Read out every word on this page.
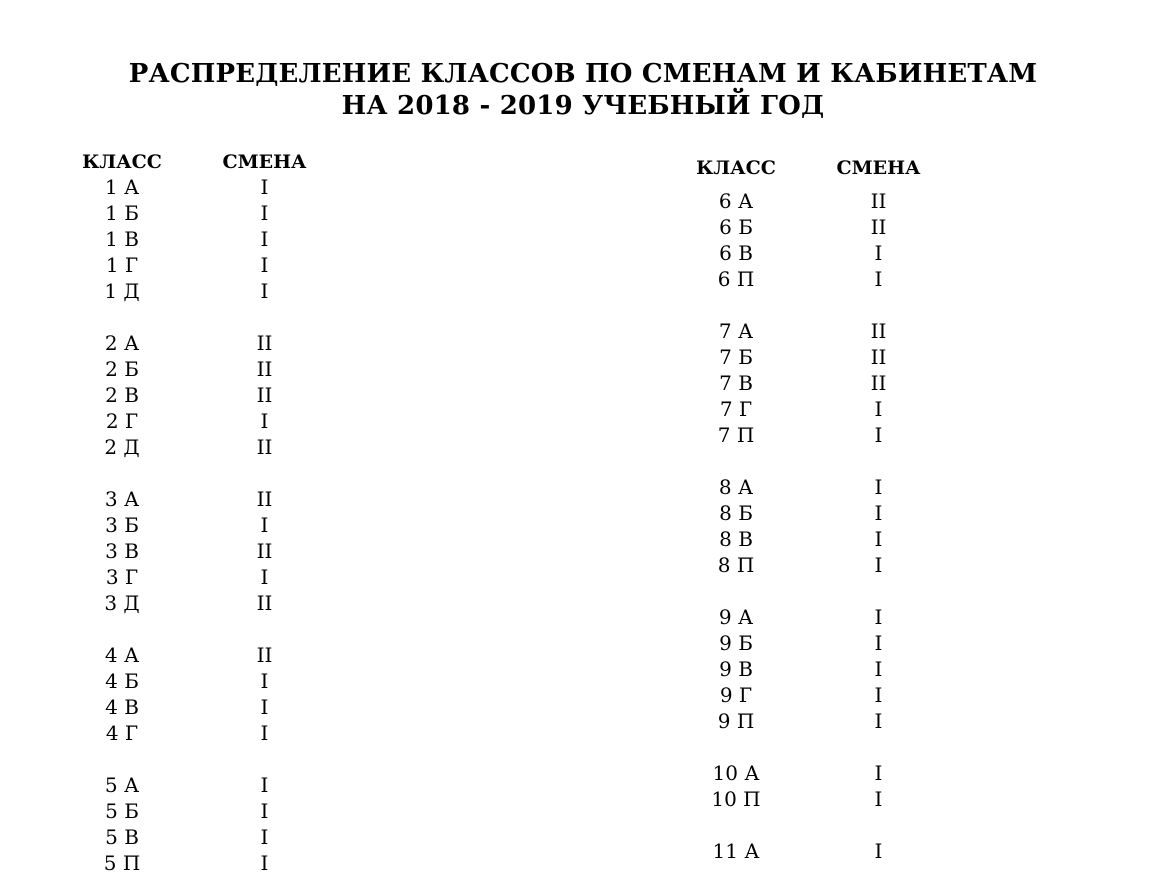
РАСПРЕДЕЛЕНИЕ КЛАССОВ ПО СМЕНАМ И КАБИНЕТАМ
НА 2018 - 2019 УЧЕБНЫЙ ГОД
КЛАСС	СМЕНА
1 А	I
1 Б	I
1 В	I
1 Г	I
1 Д	I
2 А	II
2 Б	II
2 В	II
2 Г	I
2 Д	II
3 А	II
3 Б	I
3 В	II
3 Г	I
3 Д	II
4 А	II
4 Б	I
4 В	I
4 Г	I
5 А	I
5 Б	I
5 В	I
5 П	I
КЛАСС	СМЕНА
6 А	II
6 Б	II
6 В	I
6 П	I
7 А	II
7 Б	II
7 В	II
7 Г	I
7 П	I
8 А	I
8 Б	I
8 В	I
8 П	I
9 А	I
9 Б	I
9 В	I
9 Г	I
9 П	I
10 А	I
10 П	I
11 А	I
